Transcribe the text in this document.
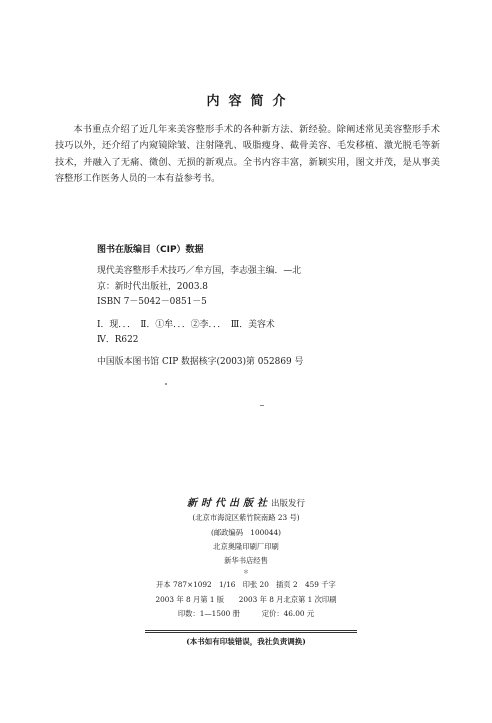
内容简介
本书重点介绍了近几年来美容整形手术的各种新方法、新经验。除阐述常见美容整形手术技巧以外，还介绍了内窥镜除皱、注射隆乳、吸脂瘦身、截骨美容、毛发移植、激光脱毛等新技术，并融入了无痛、微创、无损的新观点。全书内容丰富，新颖实用，图文并茂，是从事美容整形工作医务人员的一本有益参考书。
图书在版编目（CIP）数据
现代美容整形手术技巧／牟方国，李志强主编．—北
京：新时代出版社，2003.8
ISBN 7－5042－0851－5
Ⅰ．现．．．　Ⅱ．①牟．．．②李．．．　Ⅲ．美容术
Ⅳ．R622
中国版本图书馆 CIP 数据核字(2003)第 052869 号
新时代出版社出版发行
(北京市海淀区紫竹院南路 23 号)
(邮政编码　100044)
北京奥隆印刷厂印刷
新华书店经售
＊
开本 787×1092　1/16　印张 20　插页 2　459 千字
2003 年 8 月第 1 版　　2003 年 8 月北京第 1 次印刷
印数：1—1500 册　　　定价：46.00 元
(本书如有印装错误，我社负责调换)
